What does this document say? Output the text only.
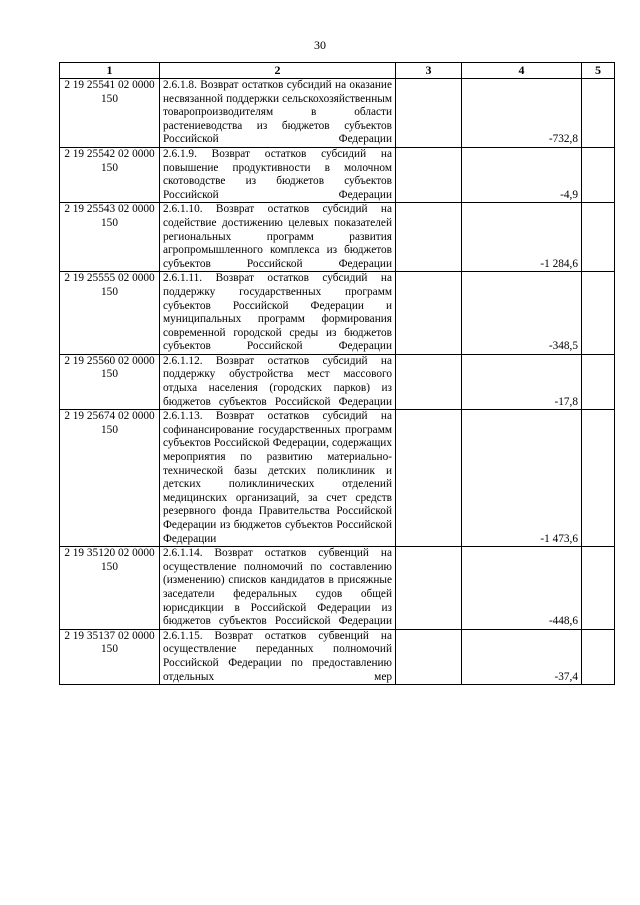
30
1	2	3	4	5
2 19 25541 02 0000 150	2.6.1.8. Возврат остатков субсидий на оказание несвязанной поддержки сельскохозяйственным товаропроизводителям в области растениеводства из бюджетов субъектов Российской Федерации		-732,8	
2 19 25542 02 0000 150	2.6.1.9. Возврат остатков субсидий на повышение продуктивности в молочном скотоводстве из бюджетов субъектов Российской Федерации		-4,9	
2 19 25543 02 0000 150	2.6.1.10. Возврат остатков субсидий на содействие достижению целевых показателей региональных программ развития агропромышленного комплекса из бюджетов субъектов Российской Федерации		-1 284,6	
2 19 25555 02 0000 150	2.6.1.11. Возврат остатков субсидий на поддержку государственных программ субъектов Российской Федерации и муниципальных программ формирования современной городской среды из бюджетов субъектов Российской Федерации		-348,5	
2 19 25560 02 0000 150	2.6.1.12. Возврат остатков субсидий на поддержку обустройства мест массового отдыха населения (городских парков) из бюджетов субъектов Российской Федерации		-17,8	
2 19 25674 02 0000 150	2.6.1.13. Возврат остатков субсидий на софинансирование государственных программ субъектов Российской Федерации, содержащих мероприятия по развитию материально-технической базы детских поликлиник и детских поликлинических отделений медицинских организаций, за счет средств резервного фонда Правительства Российской Федерации из бюджетов субъектов Российской Федерации		-1 473,6	
2 19 35120 02 0000 150	2.6.1.14. Возврат остатков субвенций на осуществление полномочий по составлению (изменению) списков кандидатов в присяжные заседатели федеральных судов общей юрисдикции в Российской Федерации из бюджетов субъектов Российской Федерации		-448,6	
2 19 35137 02 0000 150	2.6.1.15. Возврат остатков субвенций на осуществление переданных полномочий Российской Федерации по предоставлению отдельных мер		-37,4	
